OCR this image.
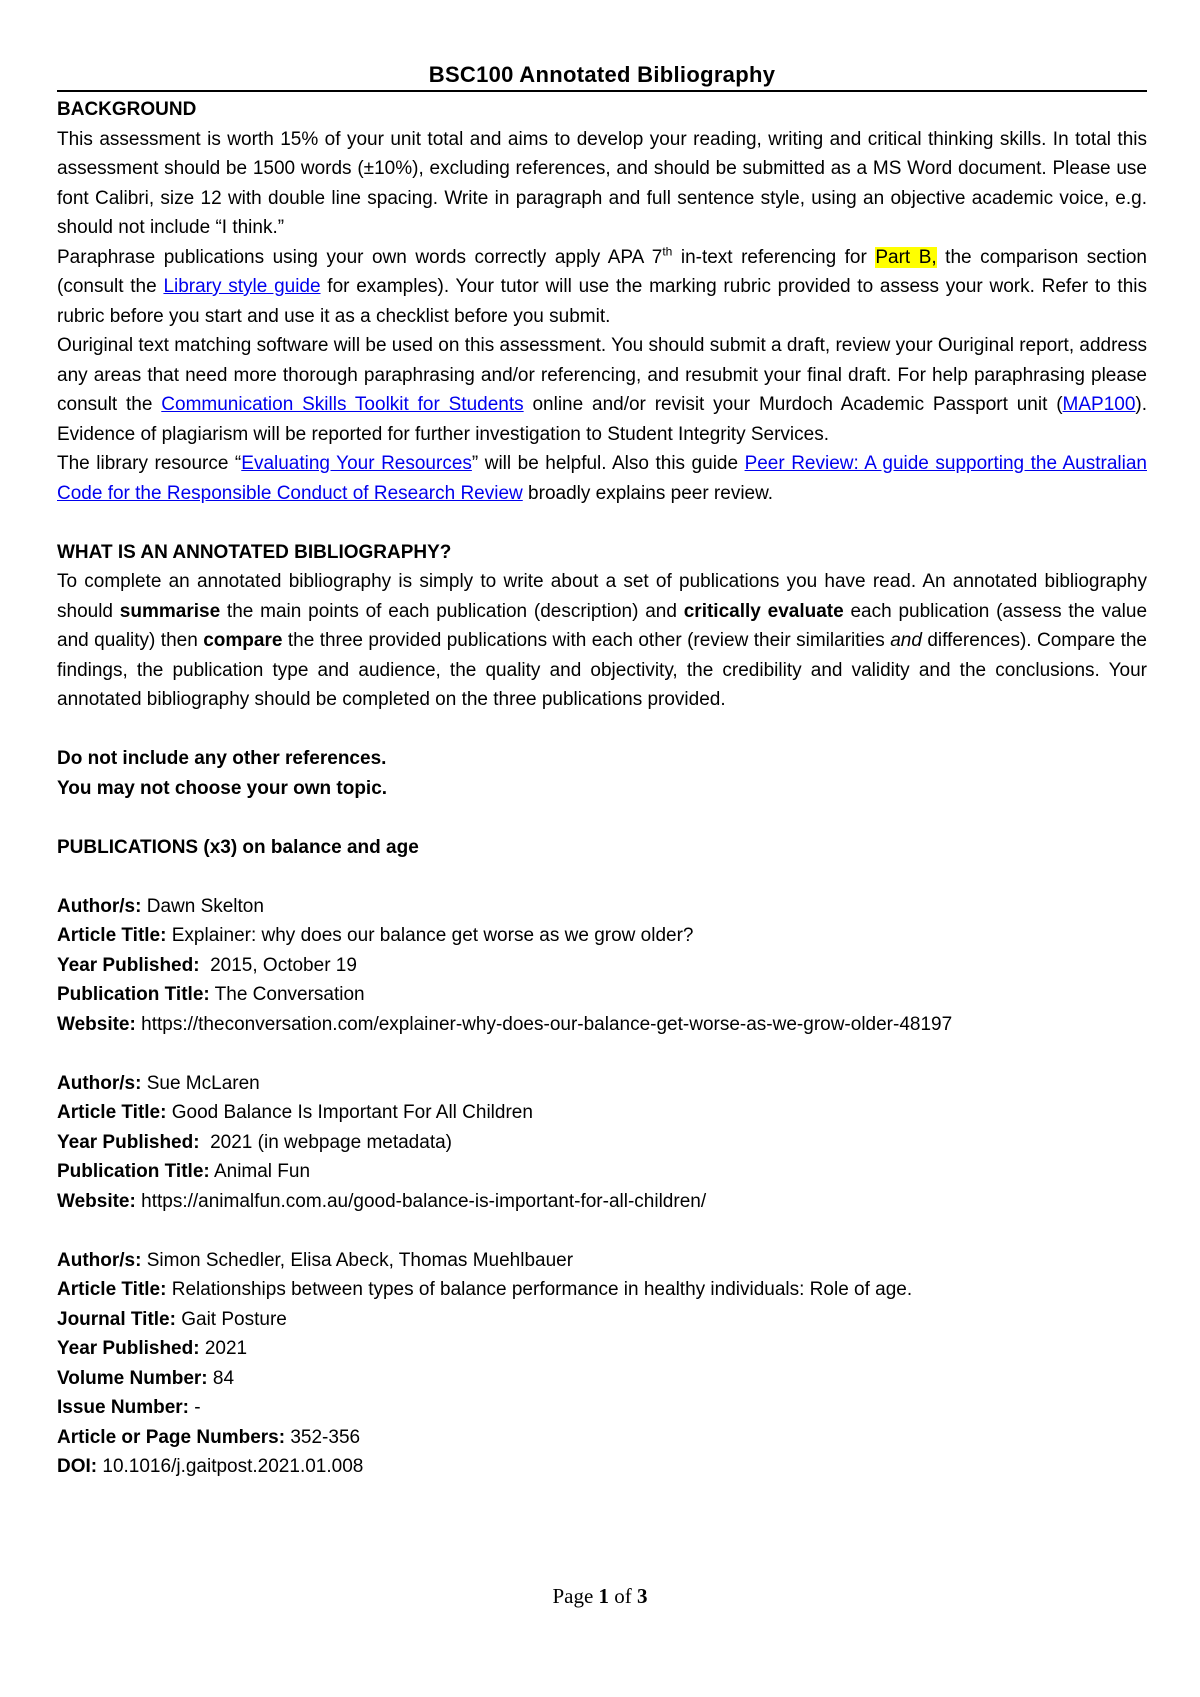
BSC100 Annotated Bibliography

BACKGROUND

This assessment is worth 15% of your unit total and aims to develop your reading, writing and critical thinking skills. In total this assessment should be 1500 words (±10%), excluding references, and should be submitted as a MS Word document. Please use font Calibri, size 12 with double line spacing. Write in paragraph and full sentence style, using an objective academic voice, e.g. should not include “I think.”

Paraphrase publications using your own words correctly apply APA 7th in-text referencing for Part B, the comparison section (consult the Library style guide for examples). Your tutor will use the marking rubric provided to assess your work. Refer to this rubric before you start and use it as a checklist before you submit.

Ouriginal text matching software will be used on this assessment. You should submit a draft, review your Ouriginal report, address any areas that need more thorough paraphrasing and/or referencing, and resubmit your final draft. For help paraphrasing please consult the Communication Skills Toolkit for Students online and/or revisit your Murdoch Academic Passport unit (MAP100). Evidence of plagiarism will be reported for further investigation to Student Integrity Services.

The library resource “Evaluating Your Resources” will be helpful. Also this guide Peer Review: A guide supporting the Australian Code for the Responsible Conduct of Research Review broadly explains peer review.

WHAT IS AN ANNOTATED BIBLIOGRAPHY?

To complete an annotated bibliography is simply to write about a set of publications you have read. An annotated bibliography should summarise the main points of each publication (description) and critically evaluate each publication (assess the value and quality) then compare the three provided publications with each other (review their similarities and differences). Compare the findings, the publication type and audience, the quality and objectivity, the credibility and validity and the conclusions. Your annotated bibliography should be completed on the three publications provided.

Do not include any other references.

You may not choose your own topic.

PUBLICATIONS (x3) on balance and age

Author/s: Dawn Skelton

Article Title: Explainer: why does our balance get worse as we grow older?

Year Published:  2015, October 19

Publication Title: The Conversation

Website: https://theconversation.com/explainer-why-does-our-balance-get-worse-as-we-grow-older-48197

Author/s: Sue McLaren

Article Title: Good Balance Is Important For All Children

Year Published:  2021 (in webpage metadata)

Publication Title: Animal Fun

Website: https://animalfun.com.au/good-balance-is-important-for-all-children/

Author/s: Simon Schedler, Elisa Abeck, Thomas Muehlbauer

Article Title: Relationships between types of balance performance in healthy individuals: Role of age.

Journal Title: Gait Posture

Year Published: 2021

Volume Number: 84

Issue Number: -

Article or Page Numbers: 352-356

DOI: 10.1016/j.gaitpost.2021.01.008

Page 1 of 3
